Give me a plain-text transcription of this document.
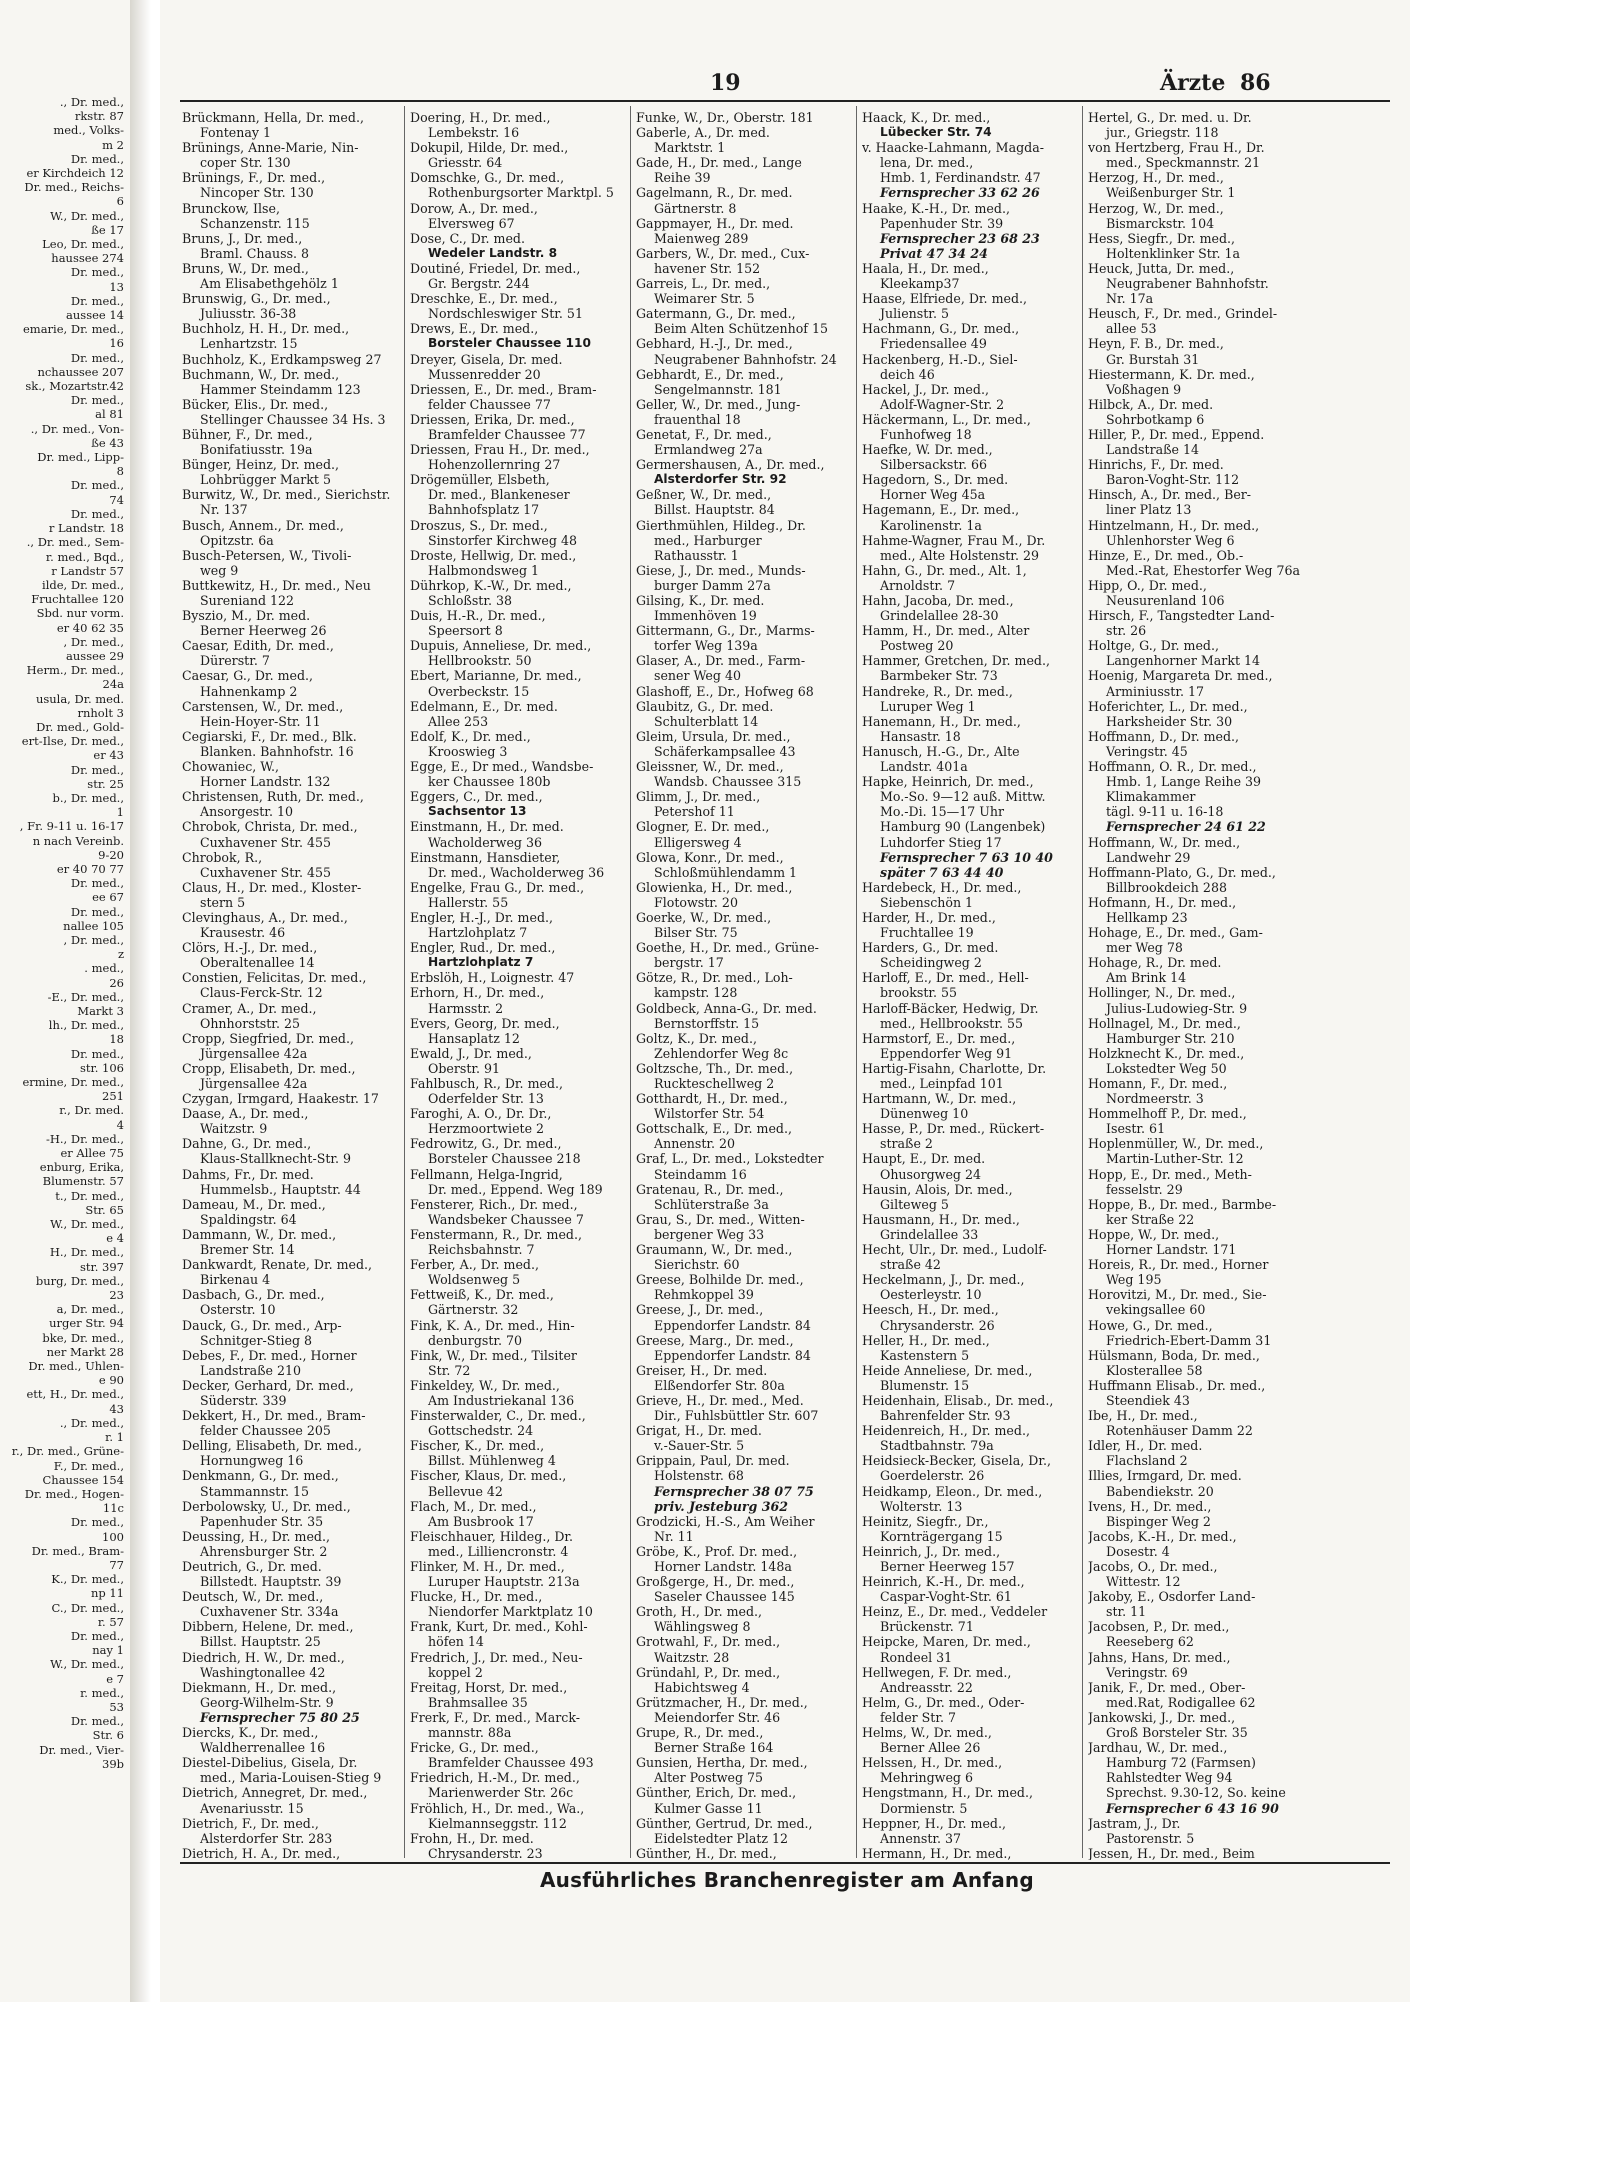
., Dr. med.,
rkstr. 87
med., Volks-
m 2
Dr. med.,
er Kirchdeich 12
Dr. med., Reichs-
6
W., Dr. med.,
ße 17
Leo, Dr. med.,
haussee 274
Dr. med.,
13
Dr. med.,
aussee 14
emarie, Dr. med.,
16
Dr. med.,
nchaussee 207
sk., Mozartstr.42
Dr. med.,
al 81
., Dr. med., Von-
ße 43
Dr. med., Lipp-
8
Dr. med.,
74
Dr. med.,
r Landstr. 18
., Dr. med., Sem-
r. med., Bqd.,
r Landstr 57
ilde, Dr. med.,
Fruchtallee 120
Sbd. nur vorm.
er 40 62 35
, Dr. med.,
aussee 29
Herm., Dr. med.,
24a
usula, Dr. med.
rnholt 3
Dr. med., Gold-
ert-Ilse, Dr. med.,
er 43
Dr. med.,
str. 25
b., Dr. med.,
1
, Fr. 9-11 u. 16-17
n nach Vereinb.
9-20
er 40 70 77
Dr. med.,
ee 67
Dr. med.,
nallee 105
, Dr. med.,
z
. med.,
26
-E., Dr. med.,
Markt 3
lh., Dr. med.,
18
Dr. med.,
str. 106
ermine, Dr. med.,
251
r., Dr. med.
4
-H., Dr. med.,
er Allee 75
enburg, Erika,
Blumenstr. 57
t., Dr. med.,
Str. 65
W., Dr. med.,
e 4
H., Dr. med.,
str. 397
burg, Dr. med.,
23
a, Dr. med.,
urger Str. 94
bke, Dr. med.,
ner Markt 28
Dr. med., Uhlen-
e 90
ett, H., Dr. med.,
43
., Dr. med.,
r. 1
r., Dr. med., Grüne-
F., Dr. med.,
Chaussee 154
Dr. med., Hogen-
11c
Dr. med.,
100
Dr. med., Bram-
77
K., Dr. med.,
np 11
C., Dr. med.,
r. 57
Dr. med.,
nay 1
W., Dr. med.,
e 7
r. med.,
53
Dr. med.,
Str. 6
Dr. med., Vier-
39b
19	Ärzte 86
Brückmann, Hella, Dr. med.,
Fontenay 1
Brünings, Anne-Marie, Nin-
coper Str. 130
Brünings, F., Dr. med.,
Nincoper Str. 130
Brunckow, Ilse,
Schanzenstr. 115
Bruns, J., Dr. med.,
Braml. Chauss. 8
Bruns, W., Dr. med.,
Am Elisabethgehölz 1
Brunswig, G., Dr. med.,
Juliusstr. 36-38
Buchholz, H. H., Dr. med.,
Lenhartzstr. 15
Buchholz, K., Erdkampsweg 27
Buchmann, W., Dr. med.,
Hammer Steindamm 123
Bücker, Elis., Dr. med.,
Stellinger Chaussee 34 Hs. 3
Bühner, F., Dr. med.,
Bonifatiusstr. 19a
Bünger, Heinz, Dr. med.,
Lohbrügger Markt 5
Burwitz, W., Dr. med., Sierichstr.
Nr. 137
Busch, Annem., Dr. med.,
Opitzstr. 6a
Busch-Petersen, W., Tivoli-
weg 9
Buttkewitz, H., Dr. med., Neu
Sureniand 122
Byszio, M., Dr. med.
Berner Heerweg 26
Caesar, Edith, Dr. med.,
Dürerstr. 7
Caesar, G., Dr. med.,
Hahnenkamp 2
Carstensen, W., Dr. med.,
Hein-Hoyer-Str. 11
Cegiarski, F., Dr. med., Blk.
Blanken. Bahnhofstr. 16
Chowaniec, W.,
Horner Landstr. 132
Christensen, Ruth, Dr. med.,
Ansorgestr. 10
Chrobok, Christa, Dr. med.,
Cuxhavener Str. 455
Chrobok, R.,
Cuxhavener Str. 455
Claus, H., Dr. med., Kloster-
stern 5
Clevinghaus, A., Dr. med.,
Krausestr. 46
Clörs, H.-J., Dr. med.,
Oberaltenallee 14
Constien, Felicitas, Dr. med.,
Claus-Ferck-Str. 12
Cramer, A., Dr. med.,
Ohnhorststr. 25
Cropp, Siegfried, Dr. med.,
Jürgensallee 42a
Cropp, Elisabeth, Dr. med.,
Jürgensallee 42a
Czygan, Irmgard, Haakestr. 17
Daase, A., Dr. med.,
Waitzstr. 9
Dahne, G., Dr. med.,
Klaus-Stallknecht-Str. 9
Dahms, Fr., Dr. med.
Hummelsb., Hauptstr. 44
Dameau, M., Dr. med.,
Spaldingstr. 64
Dammann, W., Dr. med.,
Bremer Str. 14
Dankwardt, Renate, Dr. med.,
Birkenau 4
Dasbach, G., Dr. med.,
Osterstr. 10
Dauck, G., Dr. med., Arp-
Schnitger-Stieg 8
Debes, F., Dr. med., Horner
Landstraße 210
Decker, Gerhard, Dr. med.,
Süderstr. 339
Dekkert, H., Dr. med., Bram-
felder Chaussee 205
Delling, Elisabeth, Dr. med.,
Hornungweg 16
Denkmann, G., Dr. med.,
Stammannstr. 15
Derbolowsky, U., Dr. med.,
Papenhuder Str. 35
Deussing, H., Dr. med.,
Ahrensburger Str. 2
Deutrich, G., Dr. med.
Billstedt. Hauptstr. 39
Deutsch, W., Dr. med.,
Cuxhavener Str. 334a
Dibbern, Helene, Dr. med.,
Billst. Hauptstr. 25
Diedrich, H. W., Dr. med.,
Washingtonallee 42
Diekmann, H., Dr. med.,
Georg-Wilhelm-Str. 9
Fernsprecher 75 80 25
Diercks, K., Dr. med.,
Waldherrenallee 16
Diestel-Dibelius, Gisela, Dr.
med., Maria-Louisen-Stieg 9
Dietrich, Annegret, Dr. med.,
Avenariusstr. 15
Dietrich, F., Dr. med.,
Alsterdorfer Str. 283
Dietrich, H. A., Dr. med.,
Doering, H., Dr. med.,
Lembekstr. 16
Dokupil, Hilde, Dr. med.,
Griesstr. 64
Domschke, G., Dr. med.,
Rothenburgsorter Marktpl. 5
Dorow, A., Dr. med.,
Elversweg 67
Dose, C., Dr. med.
Wedeler Landstr. 8
Doutiné, Friedel, Dr. med.,
Gr. Bergstr. 244
Dreschke, E., Dr. med.,
Nordschleswiger Str. 51
Drews, E., Dr. med.,
Borsteler Chaussee 110
Dreyer, Gisela, Dr. med.
Mussenredder 20
Driessen, E., Dr. med., Bram-
felder Chaussee 77
Driessen, Erika, Dr. med.,
Bramfelder Chaussee 77
Driessen, Frau H., Dr. med.,
Hohenzollernring 27
Drögemüller, Elsbeth,
Dr. med., Blankeneser
Bahnhofsplatz 17
Droszus, S., Dr. med.,
Sinstorfer Kirchweg 48
Droste, Hellwig, Dr. med.,
Halbmondsweg 1
Dührkop, K.-W., Dr. med.,
Schloßstr. 38
Duis, H.-R., Dr. med.,
Speersort 8
Dupuis, Anneliese, Dr. med.,
Hellbrookstr. 50
Ebert, Marianne, Dr. med.,
Overbeckstr. 15
Edelmann, E., Dr. med.
Allee 253
Edolf, K., Dr. med.,
Krooswieg 3
Egge, E., Dr med., Wandsbe-
ker Chaussee 180b
Eggers, C., Dr. med.,
Sachsentor 13
Einstmann, H., Dr. med.
Wacholderweg 36
Einstmann, Hansdieter,
Dr. med., Wacholderweg 36
Engelke, Frau G., Dr. med.,
Hallerstr. 55
Engler, H.-J., Dr. med.,
Hartzlohplatz 7
Engler, Rud., Dr. med.,
Hartzlohplatz 7
Erbslöh, H., Loignestr. 47
Erhorn, H., Dr. med.,
Harmsstr. 2
Evers, Georg, Dr. med.,
Hansaplatz 12
Ewald, J., Dr. med.,
Oberstr. 91
Fahlbusch, R., Dr. med.,
Oderfelder Str. 13
Faroghi, A. O., Dr. Dr.,
Herzmoortwiete 2
Fedrowitz, G., Dr. med.,
Borsteler Chaussee 218
Fellmann, Helga-Ingrid,
Dr. med., Eppend. Weg 189
Fensterer, Rich., Dr. med.,
Wandsbeker Chaussee 7
Fenstermann, R., Dr. med.,
Reichsbahnstr. 7
Ferber, A., Dr. med.,
Woldsenweg 5
Fettweiß, K., Dr. med.,
Gärtnerstr. 32
Fink, K. A., Dr. med., Hin-
denburgstr. 70
Fink, W., Dr. med., Tilsiter
Str. 72
Finkeldey, W., Dr. med.,
Am Industriekanal 136
Finsterwalder, C., Dr. med.,
Gottschedstr. 24
Fischer, K., Dr. med.,
Billst. Mühlenweg 4
Fischer, Klaus, Dr. med.,
Bellevue 42
Flach, M., Dr. med.,
Am Busbrook 17
Fleischhauer, Hildeg., Dr.
med., Lilliencronstr. 4
Flinker, M. H., Dr. med.,
Luruper Hauptstr. 213a
Flucke, H., Dr. med.,
Niendorfer Marktplatz 10
Frank, Kurt, Dr. med., Kohl-
höfen 14
Fredrich, J., Dr. med., Neu-
koppel 2
Freitag, Horst, Dr. med.,
Brahmsallee 35
Frerk, F., Dr. med., Marck-
mannstr. 88a
Fricke, G., Dr. med.,
Bramfelder Chaussee 493
Friedrich, H.-M., Dr. med.,
Marienwerder Str. 26c
Fröhlich, H., Dr. med., Wa.,
Kielmannseggstr. 112
Frohn, H., Dr. med.
Chrysanderstr. 23
Funke, W., Dr., Oberstr. 181
Gaberle, A., Dr. med.
Marktstr. 1
Gade, H., Dr. med., Lange
Reihe 39
Gagelmann, R., Dr. med.
Gärtnerstr. 8
Gappmayer, H., Dr. med.
Maienweg 289
Garbers, W., Dr. med., Cux-
havener Str. 152
Garreis, L., Dr. med.,
Weimarer Str. 5
Gatermann, G., Dr. med.,
Beim Alten Schützenhof 15
Gebhard, H.-J., Dr. med.,
Neugrabener Bahnhofstr. 24
Gebhardt, E., Dr. med.,
Sengelmannstr. 181
Geller, W., Dr. med., Jung-
frauenthal 18
Genetat, F., Dr. med.,
Ermlandweg 27a
Germershausen, A., Dr. med.,
Alsterdorfer Str. 92
Geßner, W., Dr. med.,
Billst. Hauptstr. 84
Gierthmühlen, Hildeg., Dr.
med., Harburger
Rathausstr. 1
Giese, J., Dr. med., Munds-
burger Damm 27a
Gilsing, K., Dr. med.
Immenhöven 19
Gittermann, G., Dr., Marms-
torfer Weg 139a
Glaser, A., Dr. med., Farm-
sener Weg 40
Glashoff, E., Dr., Hofweg 68
Glaubitz, G., Dr. med.
Schulterblatt 14
Gleim, Ursula, Dr. med.,
Schäferkampsallee 43
Gleissner, W., Dr. med.,
Wandsb. Chaussee 315
Glimm, J., Dr. med.,
Petershof 11
Glogner, E. Dr. med.,
Elligersweg 4
Glowa, Konr., Dr. med.,
Schloßmühlendamm 1
Glowienka, H., Dr. med.,
Flotowstr. 20
Goerke, W., Dr. med.,
Bilser Str. 75
Goethe, H., Dr. med., Grüne-
bergstr. 17
Götze, R., Dr. med., Loh-
kampstr. 128
Goldbeck, Anna-G., Dr. med.
Bernstorffstr. 15
Goltz, K., Dr. med.,
Zehlendorfer Weg 8c
Goltzsche, Th., Dr. med.,
Ruckteschellweg 2
Gotthardt, H., Dr. med.,
Wilstorfer Str. 54
Gottschalk, E., Dr. med.,
Annenstr. 20
Graf, L., Dr. med., Lokstedter
Steindamm 16
Gratenau, R., Dr. med.,
Schlüterstraße 3a
Grau, S., Dr. med., Witten-
bergener Weg 33
Graumann, W., Dr. med.,
Sierichstr. 60
Greese, Bolhilde Dr. med.,
Rehmkoppel 39
Greese, J., Dr. med.,
Eppendorfer Landstr. 84
Greese, Marg., Dr. med.,
Eppendorfer Landstr. 84
Greiser, H., Dr. med.
Elßendorfer Str. 80a
Grieve, H., Dr. med., Med.
Dir., Fuhlsbüttler Str. 607
Grigat, H., Dr. med.
v.-Sauer-Str. 5
Grippain, Paul, Dr. med.
Holstenstr. 68
Fernsprecher 38 07 75
priv. Jesteburg 362
Grodzicki, H.-S., Am Weiher
Nr. 11
Gröbe, K., Prof. Dr. med.,
Horner Landstr. 148a
Großgerge, H., Dr. med.,
Saseler Chaussee 145
Groth, H., Dr. med.,
Wählingsweg 8
Grotwahl, F., Dr. med.,
Waitzstr. 28
Gründahl, P., Dr. med.,
Habichtsweg 4
Grützmacher, H., Dr. med.,
Meiendorfer Str. 46
Grupe, R., Dr. med.,
Berner Straße 164
Gunsien, Hertha, Dr. med.,
Alter Postweg 75
Günther, Erich, Dr. med.,
Kulmer Gasse 11
Günther, Gertrud, Dr. med.,
Eidelstedter Platz 12
Günther, H., Dr. med.,
Haack, K., Dr. med.,
Lübecker Str. 74
v. Haacke-Lahmann, Magda-
lena, Dr. med.,
Hmb. 1, Ferdinandstr. 47
Fernsprecher 33 62 26
Haake, K.-H., Dr. med.,
Papenhuder Str. 39
Fernsprecher 23 68 23
Privat 47 34 24
Haala, H., Dr. med.,
Kleekamp37
Haase, Elfriede, Dr. med.,
Julienstr. 5
Hachmann, G., Dr. med.,
Friedensallee 49
Hackenberg, H.-D., Siel-
deich 46
Hackel, J., Dr. med.,
Adolf-Wagner-Str. 2
Häckermann, L., Dr. med.,
Funhofweg 18
Haefke, W. Dr. med.,
Silbersackstr. 66
Hagedorn, S., Dr. med.
Horner Weg 45a
Hagemann, E., Dr. med.,
Karolinenstr. 1a
Hahme-Wagner, Frau M., Dr.
med., Alte Holstenstr. 29
Hahn, G., Dr. med., Alt. 1,
Arnoldstr. 7
Hahn, Jacoba, Dr. med.,
Grindelallee 28-30
Hamm, H., Dr. med., Alter
Postweg 20
Hammer, Gretchen, Dr. med.,
Barmbeker Str. 73
Handreke, R., Dr. med.,
Luruper Weg 1
Hanemann, H., Dr. med.,
Hansastr. 18
Hanusch, H.-G., Dr., Alte
Landstr. 401a
Hapke, Heinrich, Dr. med.,
Mo.-So. 9—12 auß. Mittw.
Mo.-Di. 15—17 Uhr
Hamburg 90 (Langenbek)
Luhdorfer Stieg 17
Fernsprecher 7 63 10 40
später 7 63 44 40
Hardebeck, H., Dr. med.,
Siebenschön 1
Harder, H., Dr. med.,
Fruchtallee 19
Harders, G., Dr. med.
Scheidingweg 2
Harloff, E., Dr. med., Hell-
brookstr. 55
Harloff-Bäcker, Hedwig, Dr.
med., Hellbrookstr. 55
Harmstorf, E., Dr. med.,
Eppendorfer Weg 91
Hartig-Fisahn, Charlotte, Dr.
med., Leinpfad 101
Hartmann, W., Dr. med.,
Dünenweg 10
Hasse, P., Dr. med., Rückert-
straße 2
Haupt, E., Dr. med.
Ohusorgweg 24
Hausin, Alois, Dr. med.,
Gilteweg 5
Hausmann, H., Dr. med.,
Grindelallee 33
Hecht, Ulr., Dr. med., Ludolf-
straße 42
Heckelmann, J., Dr. med.,
Oesterleystr. 10
Heesch, H., Dr. med.,
Chrysanderstr. 26
Heller, H., Dr. med.,
Kastenstern 5
Heide Anneliese, Dr. med.,
Blumenstr. 15
Heidenhain, Elisab., Dr. med.,
Bahrenfelder Str. 93
Heidenreich, H., Dr. med.,
Stadtbahnstr. 79a
Heidsieck-Becker, Gisela, Dr.,
Goerdelerstr. 26
Heidkamp, Eleon., Dr. med.,
Wolterstr. 13
Heinitz, Siegfr., Dr.,
Kornträgergang 15
Heinrich, J., Dr. med.,
Berner Heerweg 157
Heinrich, K.-H., Dr. med.,
Caspar-Voght-Str. 61
Heinz, E., Dr. med., Veddeler
Brückenstr. 71
Heipcke, Maren, Dr. med.,
Rondeel 31
Hellwegen, F. Dr. med.,
Andreasstr. 22
Helm, G., Dr. med., Oder-
felder Str. 7
Helms, W., Dr. med.,
Berner Allee 26
Helssen, H., Dr. med.,
Mehringweg 6
Hengstmann, H., Dr. med.,
Dormienstr. 5
Heppner, H., Dr. med.,
Annenstr. 37
Hermann, H., Dr. med.,
Hertel, G., Dr. med. u. Dr.
jur., Griegstr. 118
von Hertzberg, Frau H., Dr.
med., Speckmannstr. 21
Herzog, H., Dr. med.,
Weißenburger Str. 1
Herzog, W., Dr. med.,
Bismarckstr. 104
Hess, Siegfr., Dr. med.,
Holtenklinker Str. 1a
Heuck, Jutta, Dr. med.,
Neugrabener Bahnhofstr.
Nr. 17a
Heusch, F., Dr. med., Grindel-
allee 53
Heyn, F. B., Dr. med.,
Gr. Burstah 31
Hiestermann, K. Dr. med.,
Voßhagen 9
Hilbck, A., Dr. med.
Sohrbotkamp 6
Hiller, P., Dr. med., Eppend.
Landstraße 14
Hinrichs, F., Dr. med.
Baron-Voght-Str. 112
Hinsch, A., Dr. med., Ber-
liner Platz 13
Hintzelmann, H., Dr. med.,
Uhlenhorster Weg 6
Hinze, E., Dr. med., Ob.-
Med.-Rat, Ehestorfer Weg 76a
Hipp, O., Dr. med.,
Neusurenland 106
Hirsch, F., Tangstedter Land-
str. 26
Holtge, G., Dr. med.,
Langenhorner Markt 14
Hoenig, Margareta Dr. med.,
Arminiusstr. 17
Hoferichter, L., Dr. med.,
Harksheider Str. 30
Hoffmann, D., Dr. med.,
Veringstr. 45
Hoffmann, O. R., Dr. med.,
Hmb. 1, Lange Reihe 39
Klimakammer
tägl. 9-11 u. 16-18
Fernsprecher 24 61 22
Hoffmann, W., Dr. med.,
Landwehr 29
Hoffmann-Plato, G., Dr. med.,
Billbrookdeich 288
Hofmann, H., Dr. med.,
Hellkamp 23
Hohage, E., Dr. med., Gam-
mer Weg 78
Hohage, R., Dr. med.
Am Brink 14
Hollinger, N., Dr. med.,
Julius-Ludowieg-Str. 9
Hollnagel, M., Dr. med.,
Hamburger Str. 210
Holzknecht K., Dr. med.,
Lokstedter Weg 50
Homann, F., Dr. med.,
Nordmeerstr. 3
Hommelhoff P., Dr. med.,
Isestr. 61
Hoplenmüller, W., Dr. med.,
Martin-Luther-Str. 12
Hopp, E., Dr. med., Meth-
fesselstr. 29
Hoppe, B., Dr. med., Barmbe-
ker Straße 22
Hoppe, W., Dr. med.,
Horner Landstr. 171
Horeis, R., Dr. med., Horner
Weg 195
Horovitzi, M., Dr. med., Sie-
vekingsallee 60
Howe, G., Dr. med.,
Friedrich-Ebert-Damm 31
Hülsmann, Boda, Dr. med.,
Klosterallee 58
Huffmann Elisab., Dr. med.,
Steendiek 43
Ibe, H., Dr. med.,
Rotenhäuser Damm 22
Idler, H., Dr. med.
Flachsland 2
Illies, Irmgard, Dr. med.
Babendiekstr. 20
Ivens, H., Dr. med.,
Bispinger Weg 2
Jacobs, K.-H., Dr. med.,
Dosestr. 4
Jacobs, O., Dr. med.,
Wittestr. 12
Jakoby, E., Osdorfer Land-
str. 11
Jacobsen, P., Dr. med.,
Reeseberg 62
Jahns, Hans, Dr. med.,
Veringstr. 69
Janik, F., Dr. med., Ober-
med.Rat, Rodigallee 62
Jankowski, J., Dr. med.,
Groß Borsteler Str. 35
Jardhau, W., Dr. med.,
Hamburg 72 (Farmsen)
Rahlstedter Weg 94
Sprechst. 9.30-12, So. keine
Fernsprecher 6 43 16 90
Jastram, J., Dr.
Pastorenstr. 5
Jessen, H., Dr. med., Beim
Ausführliches Branchenregister am Anfang
